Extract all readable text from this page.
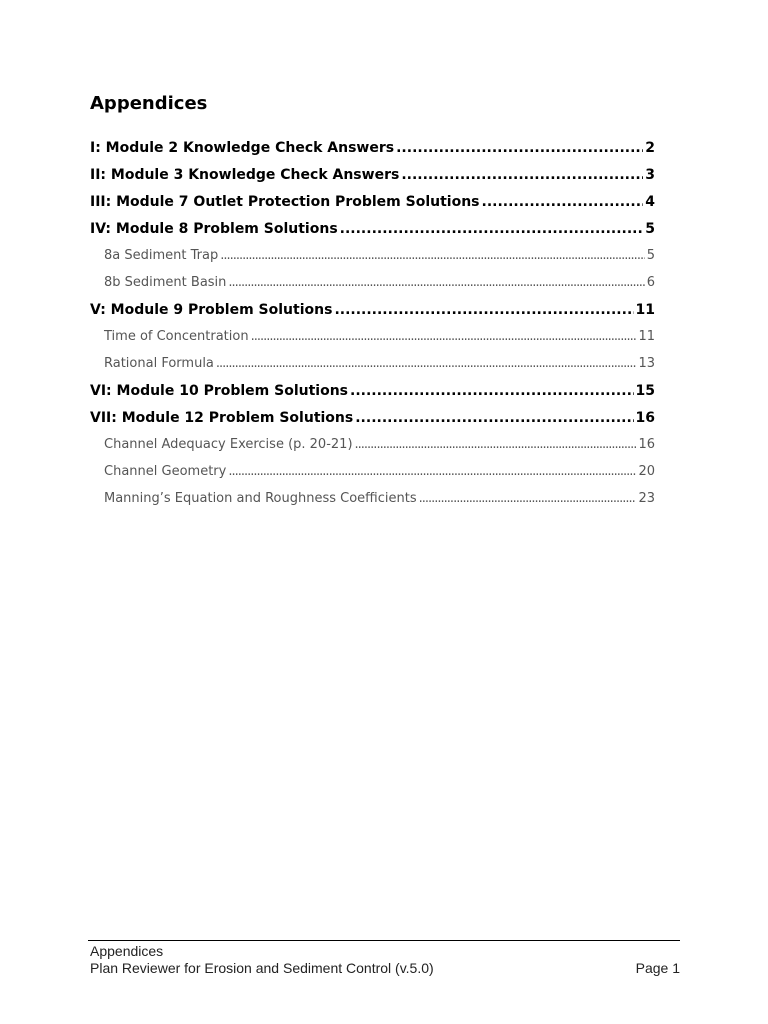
Appendices
I: Module 2 Knowledge Check Answers .....	2
II: Module 3 Knowledge Check Answers .....	3
III: Module 7 Outlet Protection Problem Solutions .....	4
IV: Module 8 Problem Solutions .....	5
8a Sediment Trap .....	5
8b Sediment Basin .....	6
V: Module 9 Problem Solutions .....	11
Time of Concentration .....	11
Rational Formula .....	13
VI: Module 10 Problem Solutions .....	15
VII: Module 12 Problem Solutions .....	16
Channel Adequacy Exercise (p. 20-21) .....	16
Channel Geometry .....	20
Manning’s Equation and Roughness Coefficients .....	23
Appendices
Plan Reviewer for Erosion and Sediment Control (v.5.0)	Page 1
